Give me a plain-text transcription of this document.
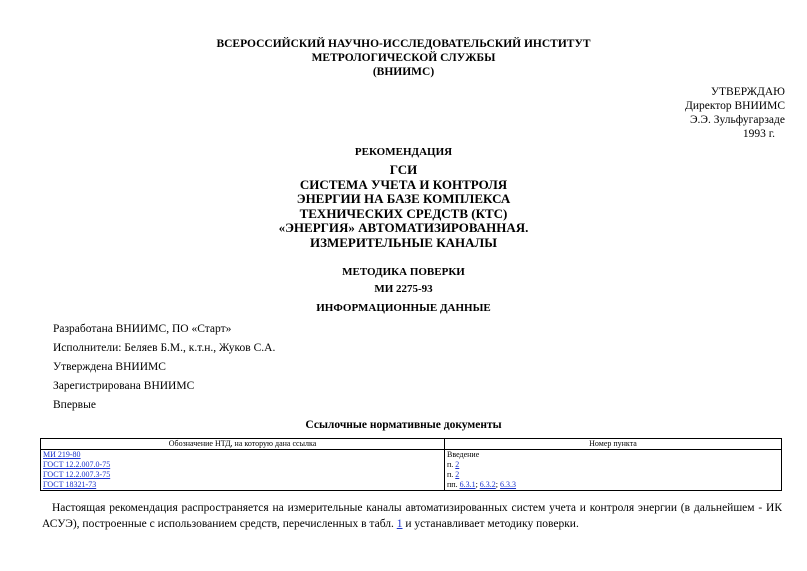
ВСЕРОССИЙСКИЙ НАУЧНО-ИССЛЕДОВАТЕЛЬСКИЙ ИНСТИТУТ
МЕТРОЛОГИЧЕСКОЙ СЛУЖБЫ
(ВНИИМС)
УТВЕРЖДАЮ
Директор ВНИИМС
Э.Э. Зульфугарзаде
1993 г.
РЕКОМЕНДАЦИЯ
ГСИ
СИСТЕМА УЧЕТА И КОНТРОЛЯ
ЭНЕРГИИ НА БАЗЕ КОМПЛЕКСА
ТЕХНИЧЕСКИХ СРЕДСТВ (КТС)
«ЭНЕРГИЯ» АВТОМАТИЗИРОВАННАЯ.
ИЗМЕРИТЕЛЬНЫЕ КАНАЛЫ
МЕТОДИКА ПОВЕРКИ
МИ 2275-93
ИНФОРМАЦИОННЫЕ ДАННЫЕ
Разработана ВНИИМС, ПО «Старт»
Исполнители: Беляев Б.М., к.т.н., Жуков С.А.
Утверждена ВНИИМС
Зарегистрирована ВНИИМС
Впервые
Ссылочные нормативные документы
Обозначение НТД, на которую дана ссылка	Номер пункта
МИ 219-80	Введение
ГОСТ 12.2.007.0-75	п. 2
ГОСТ 12.2.007.3-75	п. 2
ГОСТ 18321-73	пп. 6.3.1; 6.3.2; 6.3.3
Настоящая рекомендация распространяется на измерительные каналы автоматизированных систем учета и контроля энергии (в дальнейшем - ИК АСУЭ), построенные с использованием средств, перечисленных в табл. 1 и устанавливает методику поверки.
